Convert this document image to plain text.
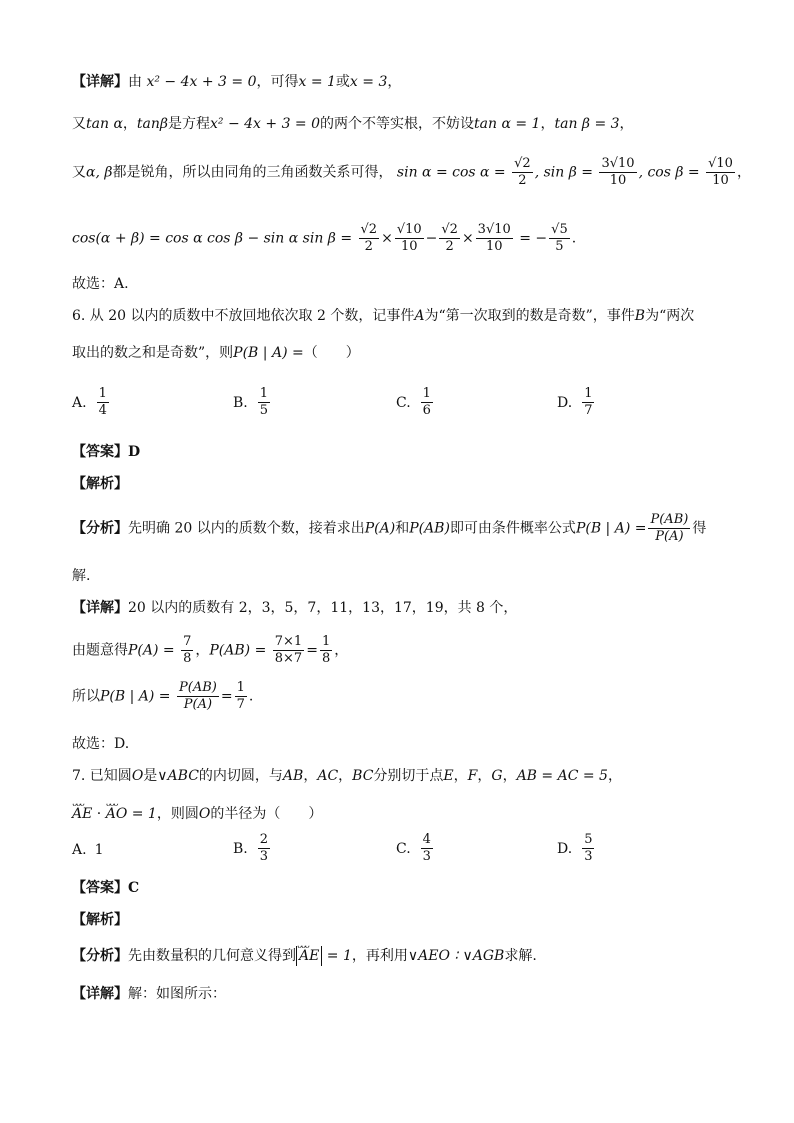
【详解】由 x² − 4x + 3 = 0，可得x = 1或x = 3，
又tan α，tanβ是方程x² − 4x + 3 = 0的两个不等实根，不妨设tan α = 1，tan β = 3，
又α, β都是锐角，所以由同角的三角函数关系可得， $\sin \alpha = \cos \alpha = \frac{√2}{2}$ , $\sin \beta = \frac{3√10}{10}$ , $\cos \beta = \frac{√10}{10}$ ，
cos(α + β) = cos α cos β − sin α $\sin \beta = \frac{√2}{2} \times \frac{√10}{10} - \frac{√2}{2} \times \frac{3√10}{10}$ = − $\frac{√5}{5}$ .
故选：A.
6. 从 20 以内的质数中不放回地依次取 2 个数，记事件A为“第一次取到的数是奇数”，事件B为“两次
取出的数之和是奇数”，则P(B | A) =（　　）
A. $\frac{1}{4}$	B. $\frac{1}{5}$	C. $\frac{1}{6}$	D. $\frac{1}{7}$
【答案】D
【解析】
【分析】先明确 20 以内的质数个数，接着求出P(A)和P(AB)即可由条件概率公式P(B | $A) = \frac{P(AB)}{P(A)}$ 得
解.
【详解】20 以内的质数有 2，3，5，7，11，13，17，19，共 8 个，
由题意得$P(A) = \frac{7}{8}$ ，$P(AB) = \frac{7\times 1}{8\times 7} = \frac{1}{8}$ ，
所以P(B | $A) = \frac{P(AB)}{P(A)} = \frac{1}{7}$ .
故选：D.
7. 已知圆O是∨ABC的内切圆，与AB，AC，BC分别切于点E，F，G，AB = AC = 5，
ᴗᴗᴗ AE · ᴗᴗᴗ AO = 1，则圆O的半径为（　　）
A. 1	B. $\frac{2}{3}$	C. $\frac{4}{3}$	D. $\frac{5}{3}$
【答案】C
【解析】
【分析】先由数量积的几何意义得到ᴗᴗᴗ AE = 1，再利用∨AEO ∶ ∨AGB求解.
【详解】解：如图所示：
